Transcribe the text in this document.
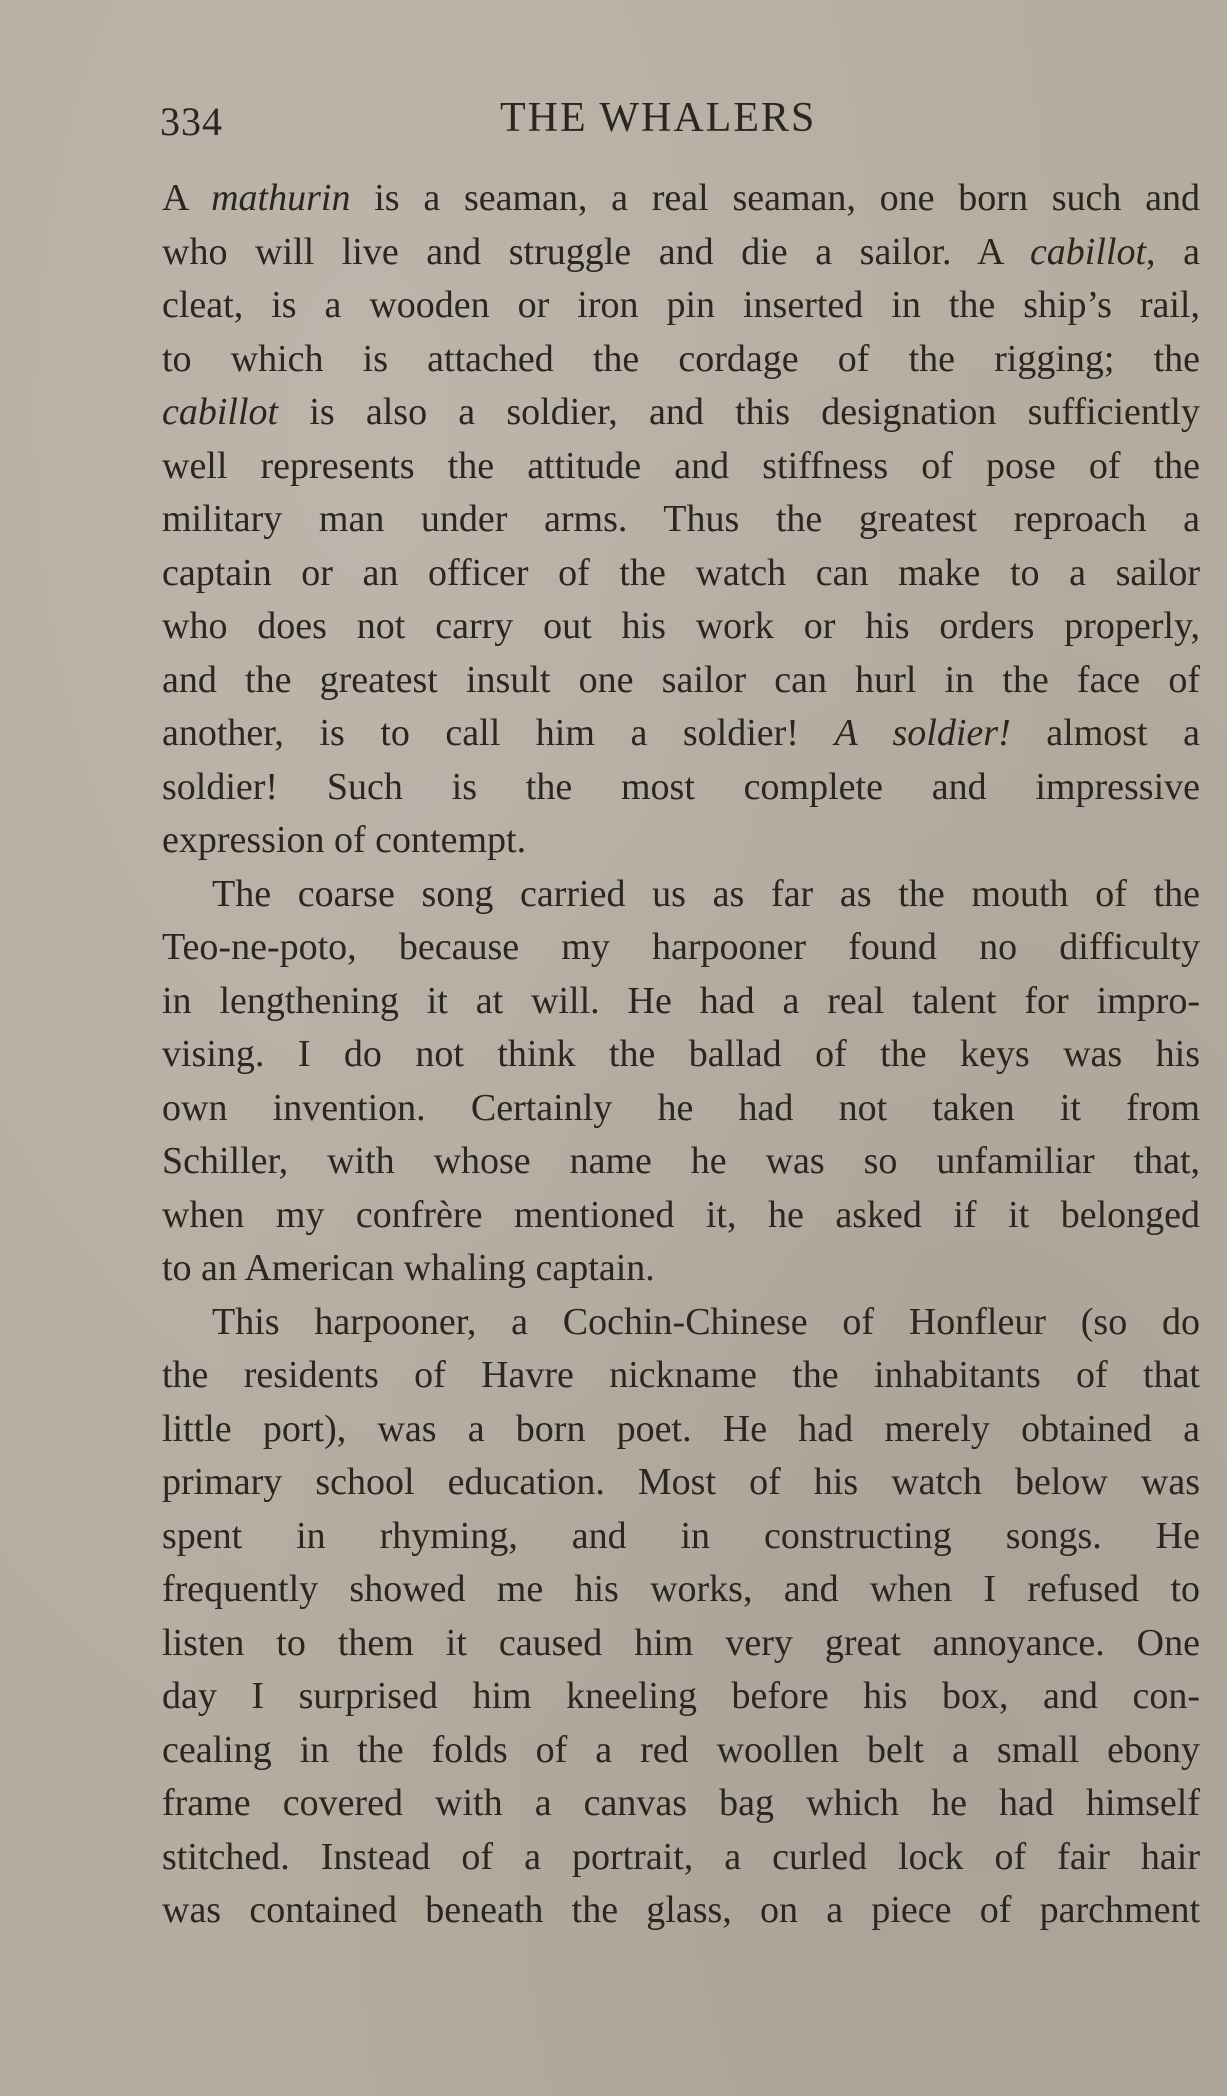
334	THE WHALERS
A mathurin is a seaman, a real seaman, one born such and
who will live and struggle and die a sailor. A cabillot, a
cleat, is a wooden or iron pin inserted in the ship’s rail,
to which is attached the cordage of the rigging; the
cabillot is also a soldier, and this designation sufficiently
well represents the attitude and stiffness of pose of the
military man under arms. Thus the greatest reproach a
captain or an officer of the watch can make to a sailor
who does not carry out his work or his orders properly,
and the greatest insult one sailor can hurl in the face of
another, is to call him a soldier! A soldier! almost a
soldier! Such is the most complete and impressive
expression of contempt.
The coarse song carried us as far as the mouth of the
Teo-ne-poto, because my harpooner found no difficulty
in lengthening it at will. He had a real talent for impro-
vising. I do not think the ballad of the keys was his
own invention. Certainly he had not taken it from
Schiller, with whose name he was so unfamiliar that,
when my confrère mentioned it, he asked if it belonged
to an American whaling captain.
This harpooner, a Cochin-Chinese of Honfleur (so do
the residents of Havre nickname the inhabitants of that
little port), was a born poet. He had merely obtained a
primary school education. Most of his watch below was
spent in rhyming, and in constructing songs. He
frequently showed me his works, and when I refused to
listen to them it caused him very great annoyance. One
day I surprised him kneeling before his box, and con-
cealing in the folds of a red woollen belt a small ebony
frame covered with a canvas bag which he had himself
stitched. Instead of a portrait, a curled lock of fair hair
was contained beneath the glass, on a piece of parchment
